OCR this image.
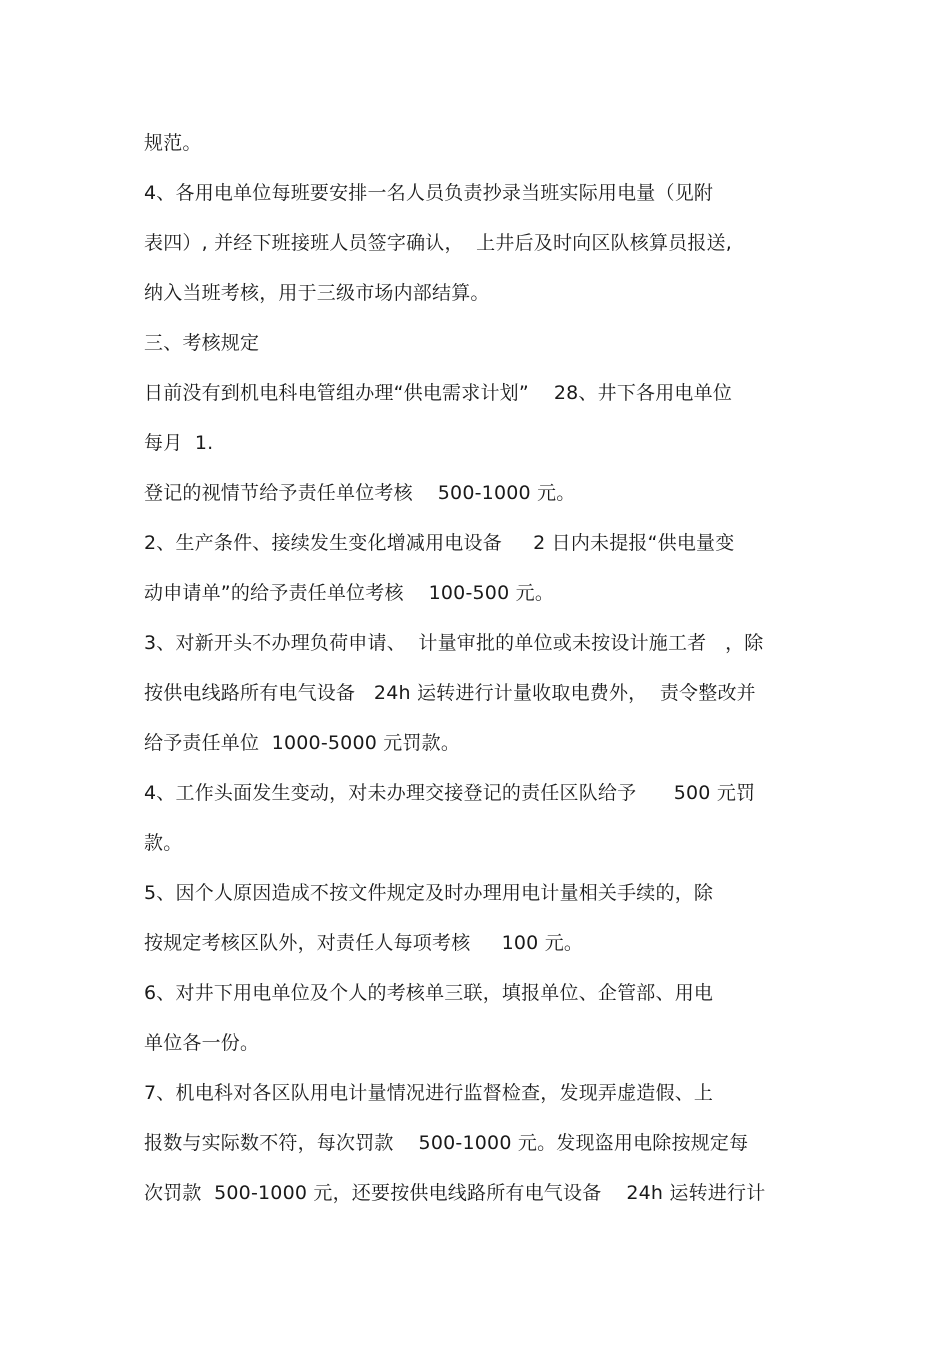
规范。
4、各用电单位每班要安排一名人员负责抄录当班实际用电量（见附
表四）, 并经下班接班人员签字确认，  上井后及时向区队核算员报送,
纳入当班考核，用于三级市场内部结算。
三、考核规定
日前没有到机电科电管组办理“供电需求计划”    28、井下各用电单位
每月  1.
登记的视情节给予责任单位考核    500-1000 元。
2、生产条件、接续发生变化增减用电设备     2 日内未提报“供电量变
动申请单”的给予责任单位考核    100-500 元。
3、对新开头不办理负荷申请、  计量审批的单位或未按设计施工者   ，除
按供电线路所有电气设备   24h 运转进行计量收取电费外，  责令整改并
给予责任单位  1000-5000 元罚款。
4、工作头面发生变动，对未办理交接登记的责任区队给予      500 元罚
款。
5、因个人原因造成不按文件规定及时办理用电计量相关手续的，除
按规定考核区队外，对责任人每项考核     100 元。
6、对井下用电单位及个人的考核单三联，填报单位、企管部、用电
单位各一份。
7、机电科对各区队用电计量情况进行监督检查，发现弄虚造假、上
报数与实际数不符，每次罚款    500-1000 元。发现盗用电除按规定每
次罚款  500-1000 元，还要按供电线路所有电气设备    24h 运转进行计
